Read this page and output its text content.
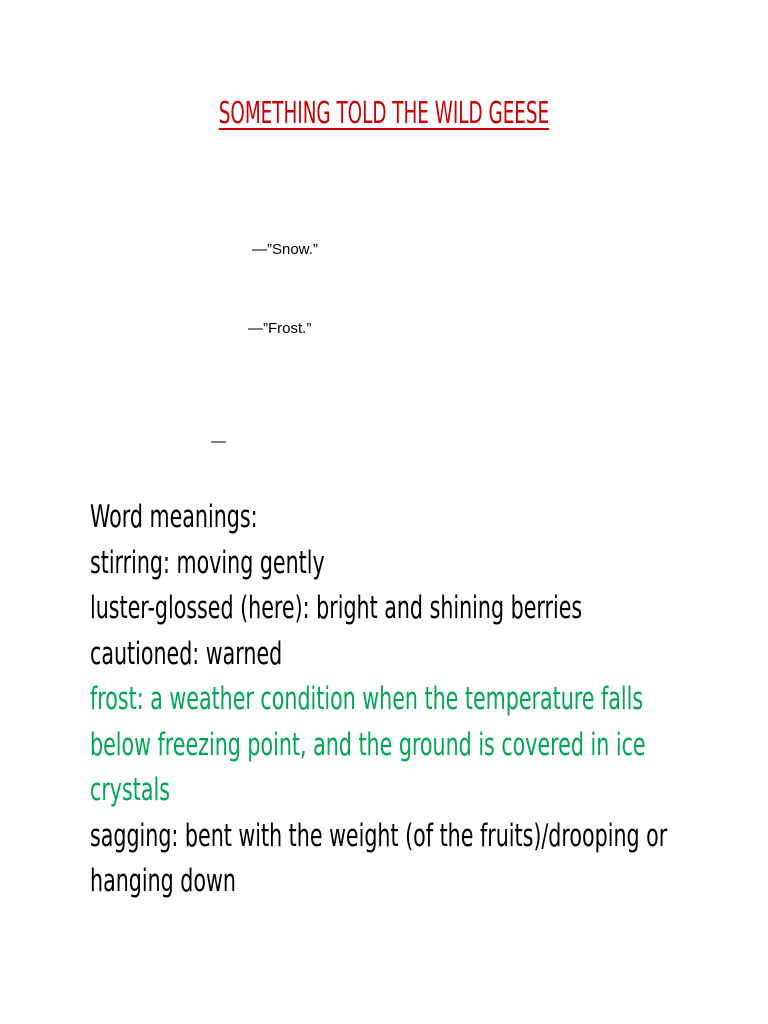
SOMETHING TOLD THE WILD GEESE
—”Snow.”
—”Frost.”
—
Word meanings:
stirring: moving gently
luster-glossed (here): bright and shining berries
cautioned: warned
frost: a weather condition when the temperature falls
below freezing point, and the ground is covered in ice
crystals
sagging: bent with the weight (of the fruits)/drooping or
hanging down
